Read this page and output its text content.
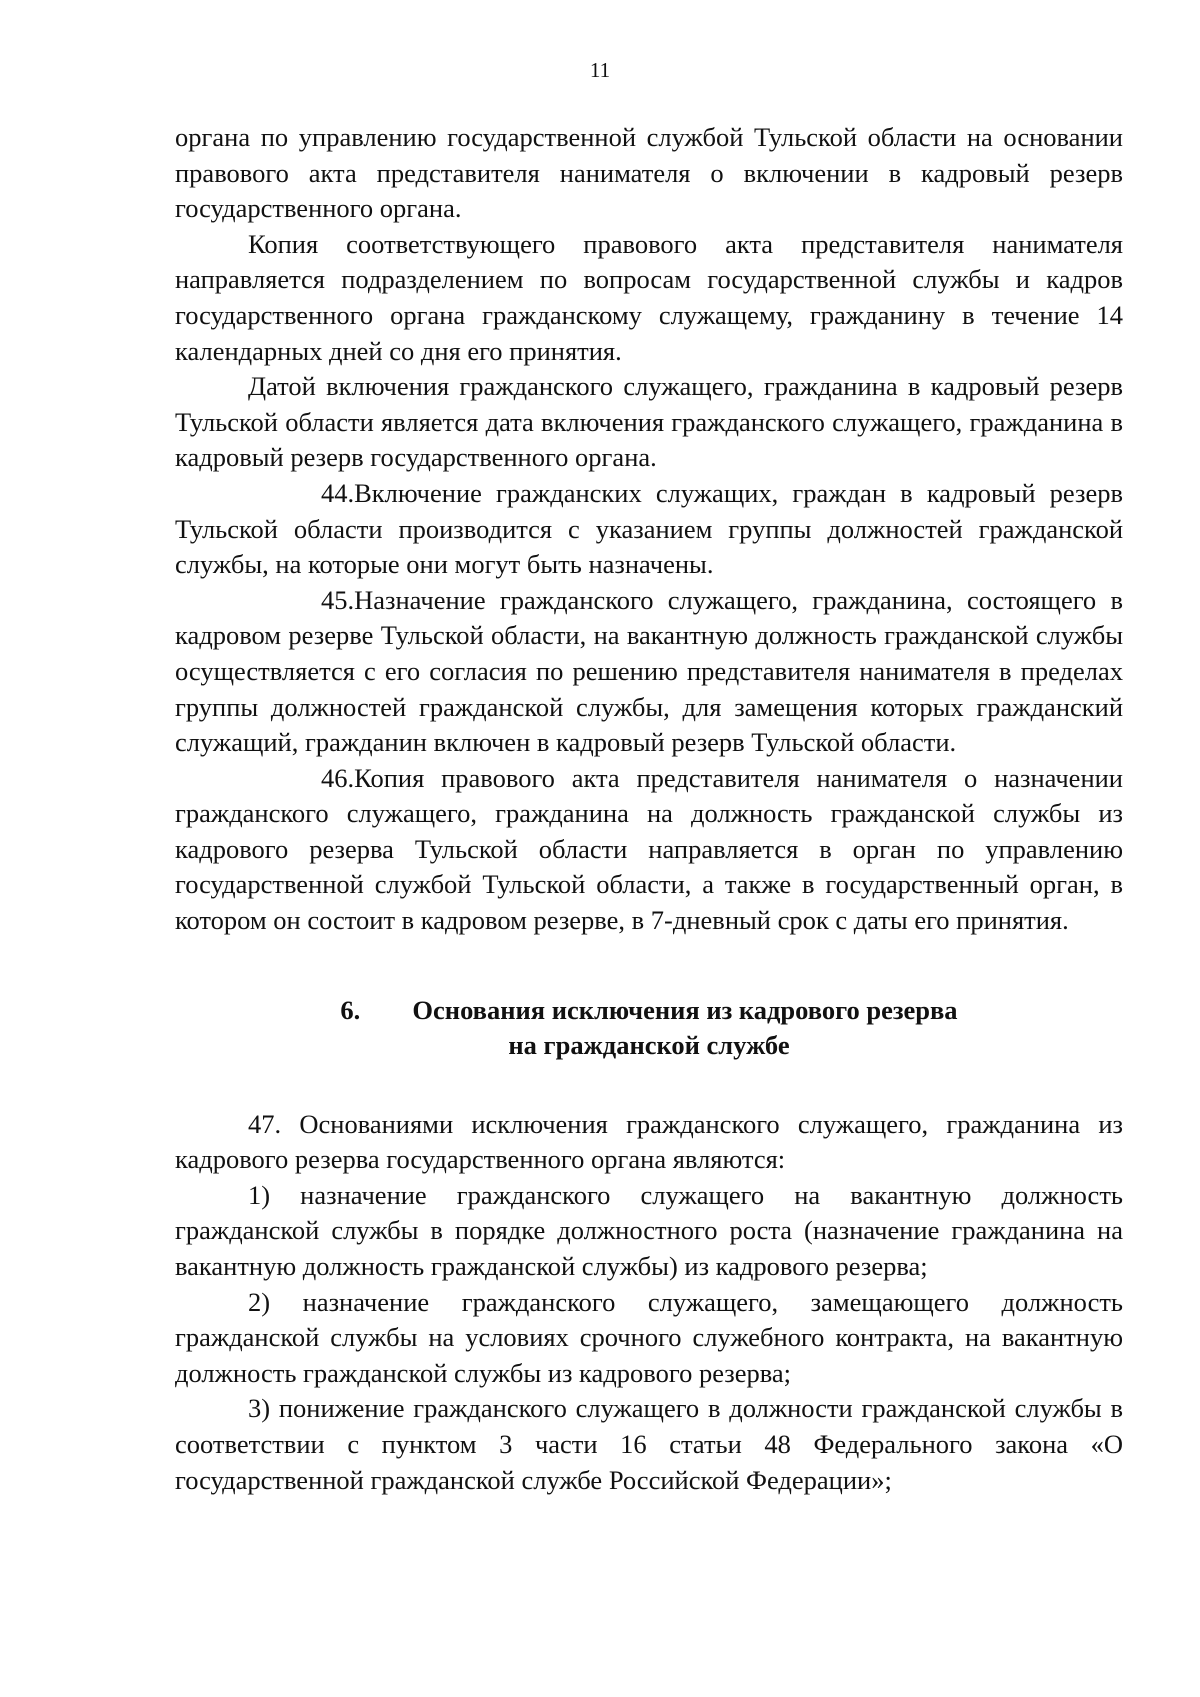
11

органа по управлению государственной службой Тульской области на основании правового акта представителя нанимателя о включении в кадровый резерв государственного органа.

Копия соответствующего правового акта представителя нанимателя направляется подразделением по вопросам государственной службы и кадров государственного органа гражданскому служащему, гражданину в течение 14 календарных дней со дня его принятия.

Датой включения гражданского служащего, гражданина в кадровый резерв Тульской области является дата включения гражданского служащего, гражданина в кадровый резерв государственного органа.

44.Включение гражданских служащих, граждан в кадровый резерв Тульской области производится с указанием группы должностей гражданской службы, на которые они могут быть назначены.

45.Назначение гражданского служащего, гражданина, состоящего в кадровом резерве Тульской области, на вакантную должность гражданской службы осуществляется с его согласия по решению представителя нанимателя в пределах группы должностей гражданской службы, для замещения которых гражданский служащий, гражданин включен в кадровый резерв Тульской области.

46.Копия правового акта представителя нанимателя о назначении гражданского служащего, гражданина на должность гражданской службы из кадрового резерва Тульской области направляется в орган по управлению государственной службой Тульской области, а также в государственный орган, в котором он состоит в кадровом резерве, в 7-дневный срок с даты его принятия.

6. Основания исключения из кадрового резерва
на гражданской службе

47. Основаниями исключения гражданского служащего, гражданина из кадрового резерва государственного органа являются:

1) назначение гражданского служащего на вакантную должность гражданской службы в порядке должностного роста (назначение гражданина на вакантную должность гражданской службы) из кадрового резерва;

2) назначение гражданского служащего, замещающего должность гражданской службы на условиях срочного служебного контракта, на вакантную должность гражданской службы из кадрового резерва;

3) понижение гражданского служащего в должности гражданской службы в соответствии с пунктом 3 части 16 статьи 48 Федерального закона «О государственной гражданской службе Российской Федерации»;
